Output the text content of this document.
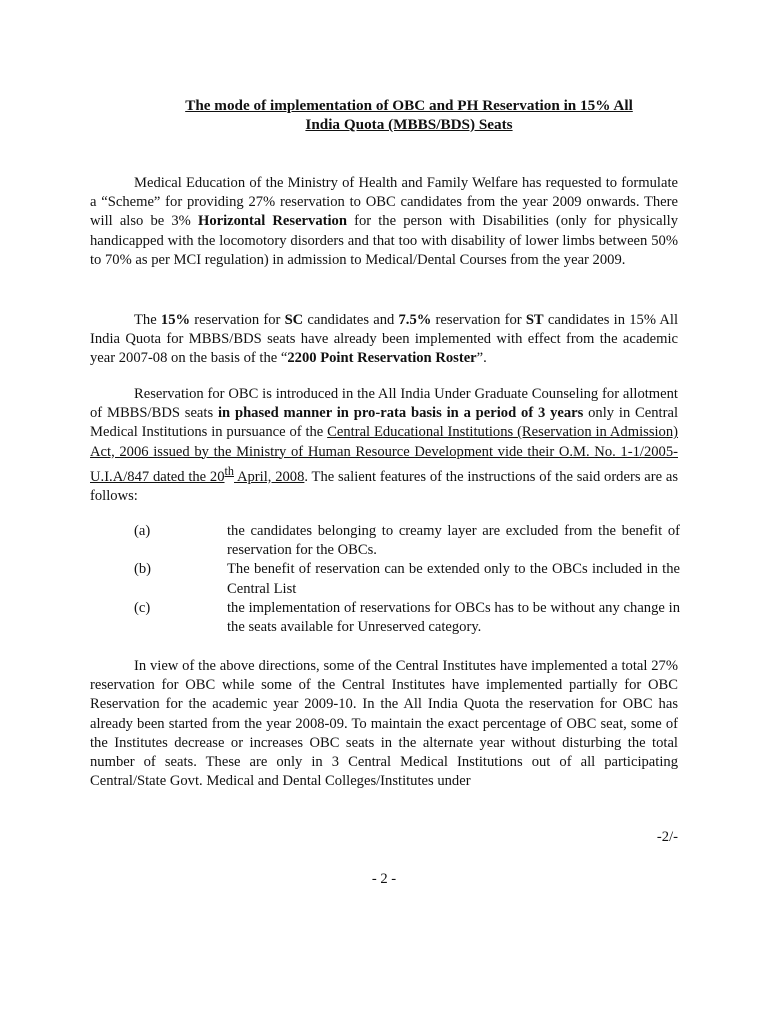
The mode of implementation of OBC and PH Reservation in 15% All
India Quota (MBBS/BDS) Seats

Medical Education of the Ministry of Health and Family Welfare has requested to formulate a “Scheme” for providing 27% reservation to OBC candidates from the year 2009 onwards. There will also be 3% Horizontal Reservation for the person with Disabilities (only for physically handicapped with the locomotory disorders and that too with disability of lower limbs between 50% to 70% as per MCI regulation) in admission to Medical/Dental Courses from the year 2009.

The 15% reservation for SC candidates and 7.5% reservation for ST candidates in 15% All India Quota for MBBS/BDS seats have already been implemented with effect from the academic year 2007-08 on the basis of the “2200 Point Reservation Roster”.

Reservation for OBC is introduced in the All India Under Graduate Counseling for allotment of MBBS/BDS seats in phased manner in pro-rata basis in a period of 3 years only in Central Medical Institutions in pursuance of the Central Educational Institutions (Reservation in Admission) Act, 2006 issued by the Ministry of Human Resource Development vide their O.M. No. 1-1/2005-U.I.A/847 dated the 20th April, 2008. The salient features of the instructions of the said orders are as follows:

(a)	the candidates belonging to creamy layer are excluded from the benefit of reservation for the OBCs.
(b)	The benefit of reservation can be extended only to the OBCs included in the Central List
(c)	the implementation of reservations for OBCs has to be without any change in the seats available for Unreserved category.

In view of the above directions, some of the Central Institutes have implemented a total 27% reservation for OBC while some of the Central Institutes have implemented partially for OBC Reservation for the academic year 2009-10. In the All India Quota the reservation for OBC has already been started from the year 2008-09. To maintain the exact percentage of OBC seat, some of the Institutes decrease or increases OBC seats in the alternate year without disturbing the total number of seats. These are only in 3 Central Medical Institutions out of all participating Central/State Govt. Medical and Dental Colleges/Institutes under

-2/-
- 2 -
